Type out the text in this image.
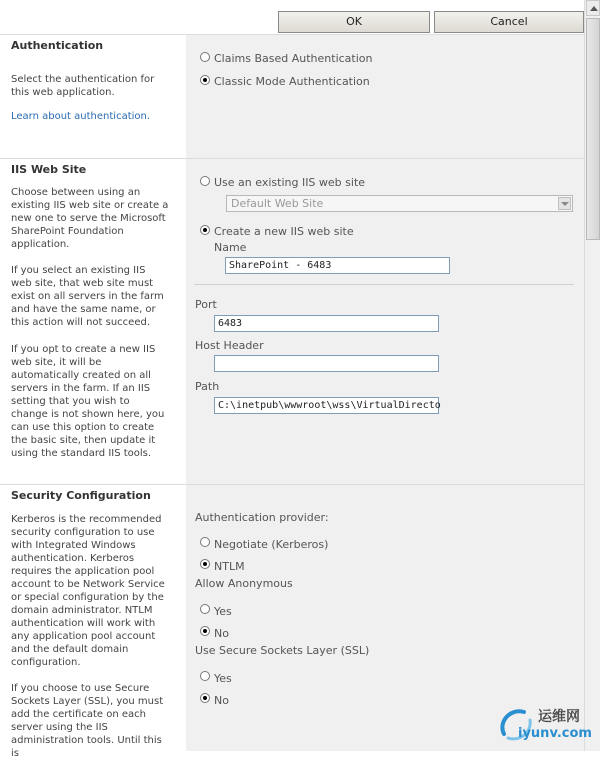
OK	Cancel
Authentication
Select the authentication for this web application.
Learn about authentication.
Claims Based Authentication
Classic Mode Authentication
IIS Web Site
Choose between using an existing IIS web site or create a new one to serve the Microsoft SharePoint Foundation application.
If you select an existing IIS web site, that web site must exist on all servers in the farm and have the same name, or this action will not succeed.
If you opt to create a new IIS web site, it will be automatically created on all servers in the farm. If an IIS setting that you wish to change is not shown here, you can use this option to create the basic site, then update it using the standard IIS tools.
Use an existing IIS web site
Default Web Site
Create a new IIS web site
Name
SharePoint - 6483
Port
6483
Host Header
Path
C:\inetpub\wwwroot\wss\VirtualDirecto
Security Configuration
Kerberos is the recommended security configuration to use with Integrated Windows authentication. Kerberos requires the application pool account to be Network Service or special configuration by the domain administrator. NTLM authentication will work with any application pool account and the default domain configuration.
If you choose to use Secure Sockets Layer (SSL), you must add the certificate on each server using the IIS administration tools. Until this is
Authentication provider:
Negotiate (Kerberos)
NTLM
Allow Anonymous
Yes
No
Use Secure Sockets Layer (SSL)
Yes
No
运维网
iyunv.com
